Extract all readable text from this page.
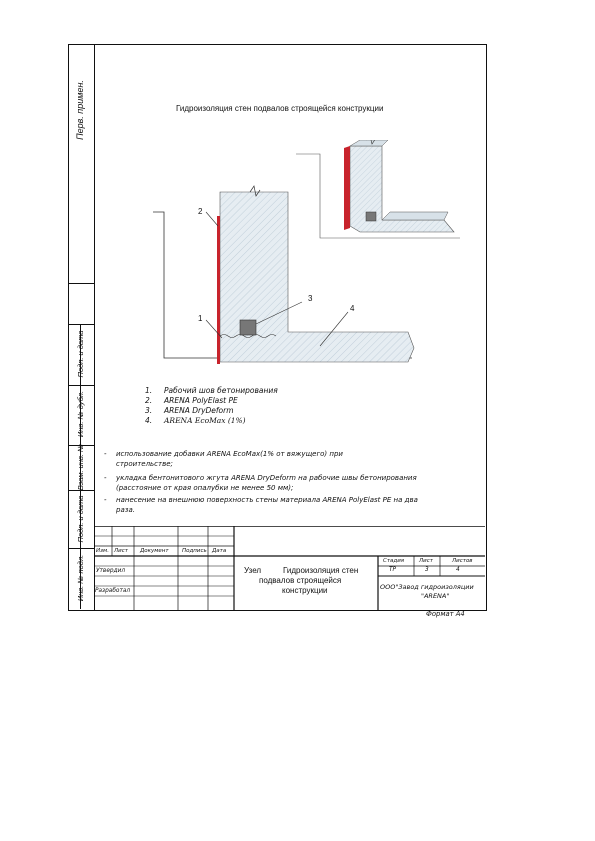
Перв. примен.
Подп. и дата
Инв. № дубл.
Взам. инв. №
Подп. и дата
Инв. № подл.
Гидроизоляция стен подвалов строящейся конструкции
2
1
3
4
1. Рабочий шов бетонирования
2. ARENA PolyElast PE
3. ARENA DryDeform
4. ARENA EcoMax (1%)
- использование добавки ARENA EcoMax(1% от вяжущего) при
строительстве;
- укладка бентонитового жгута ARENA DryDeform на рабочие швы бетонирования
(расстояние от края опалубки не менее 50 мм);
- нанесение на внешнюю поверхность стены материала ARENA PolyElast PE на два
раза.
Изм. Лист Документ Подпись Дата
Утвердил
Разработал
Узел	Гидроизоляция стен
подвалов строящейся
конструкции
Стадия	Лист	Листов
ТР	3	4
ООО"Завод гидроизоляции
"ARENA"
Формат А4
